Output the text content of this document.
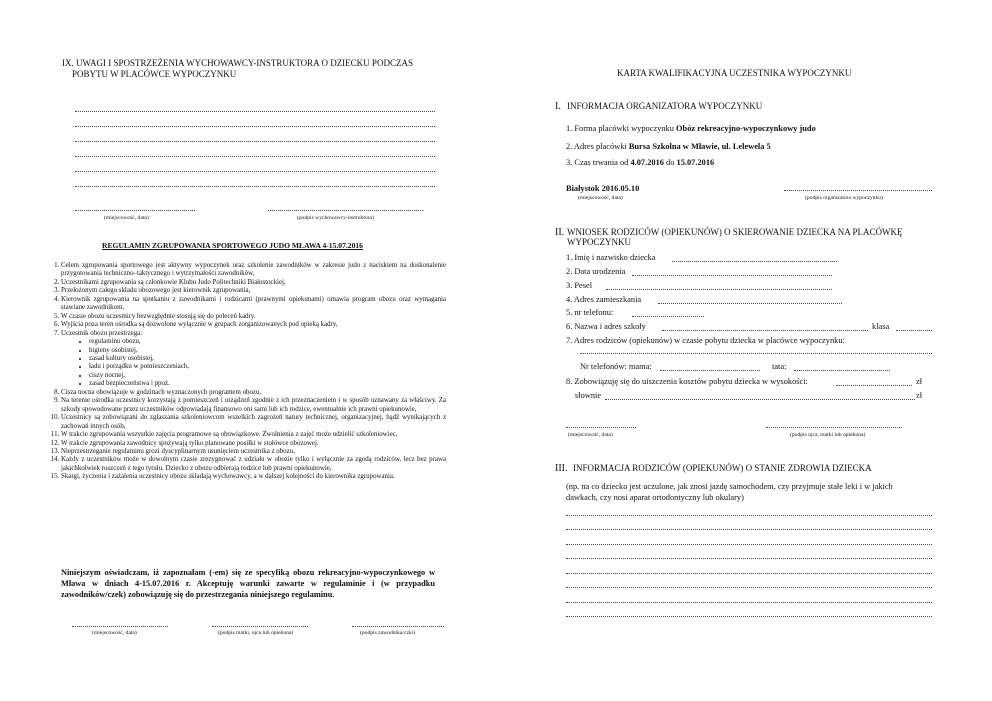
IX. UWAGI I SPOSTRZEŻENIA WYCHOWAWCY-INSTRUKTORA O DZIECKU PODCZAS
POBYTU W PLACÓWCE WYPOCZYNKU
(miejscowość, data)	(podpis wychowawcy-instruktora)
REGULAMIN ZGRUPOWANIA SPORTOWEGO JUDO MŁAWA 4-15.07.2016
1. Celem zgrupowania sportowego jest aktywny wypoczynek oraz szkolenie zawodników w zakresie judo z naciskiem na doskonalenie przygotowania techniczno–taktycznego i wytrzymałości zawodników,
2. Uczestnikami zgrupowania są członkowie Klubu Judo Politechniki Białostockiej,
3. Przełożonym całego składu obozowego jest kierownik zgrupowania,
4. Kierownik zgrupowania na spotkaniu z zawodnikami i rodzicami (prawnymi opiekunami) omawia program obozu oraz wymagania stawiane zawodnikom,
5. W czasie obozu uczestnicy bezwzględnie stosują się do poleceń kadry.
6. Wyjścia poza teren ośrodka są dozwolone wyłącznie w grupach zorganizowanych pod opieką kadry,
7. Uczestnik obozu przestrzega:
• regulaminu obozu,
• higieny osobistej,
• zasad kultury osobistej,
• ładu i porządku w pomieszczeniach,
• ciszy nocnej,
• zasad bezpieczeństwa i ppoż.
8. Cisza nocna obowiązuje w godzinach wyznaczonych programem obozu,
9. Na terenie ośrodka uczestnicy korzystają z pomieszczeń i urządzeń zgodnie z ich przeznaczeniem i w sposób uznawany za właściwy. Za szkody spowodowane przez uczestników odpowiadają finansowo oni sami lub ich rodzice, ewentualnie ich prawni opiekunowie,
10. Uczestnicy są zobowiązani do zgłaszania szkoleniowcom wszelkich zagrożeń natury technicznej, organizacyjnej, bądź wynikających z zachowań innych osób,
11. W trakcie zgrupowania wszystkie zajęcia programowe są obowiązkowe. Zwolnienia z zajęć może udzielić szkoleniowiec,
12. W trakcie zgrupowania zawodnicy spożywają tylko planowane posiłki w stołówce obozowej.
13. Nieprzestrzeganie regulaminu grozi dyscyplinarnym usunięciem uczestnika z obozu,
14. Każdy z uczestników może w dowolnym czasie zrezygnować z udziału w obozie tylko i wyłącznie za zgodą rodziców, lecz bez prawa jakichkolwiek roszczeń z tego tytułu. Dziecko z obozu odbierają rodzice lub prawni opiekunowie,
15. Skargi, życzenia i zażalenia uczestnicy obozu składają wychowawcy, a w dalszej kolejności do kierownika zgrupowania.
Niniejszym oświadczam, iż zapoznałam (-em) się ze specyfiką obozu rekreacyjno-wypoczynkowego w Mława w dniach 4-15.07.2016 r. Akceptuję warunki zawarte w regulaminie i (w przypadku zawodników/czek) zobowiązuję się do przestrzegania niniejszego regulaminu.
(miejscowość, data)	(podpis matki, ojca lub opiekuna)	(podpis zawodnika/czki)
KARTA KWALIFIKACYJNA UCZESTNIKA WYPOCZYNKU
I. INFORMACJA ORGANIZATORA WYPOCZYNKU
1. Forma placówki wypoczynku Obóz rekreacyjno-wypoczynkowy judo
2. Adres placówki Bursa Szkolna w Mławie, ul. Lelewela 5
3. Czas trwania od 4.07.2016 do 15.07.2016
Białystok 2016.05.10
(miejscowość, data)	(podpis organizatora wypoczynku)
II. WNIOSEK RODZICÓW (OPIEKUNÓW) O SKIEROWANIE DZIECKA NA PLACÓWKĘ
WYPOCZYNKU
1. Imię i nazwisko dziecka
2. Data urodzenia
3. Pesel
4. Adres zamieszkania
5. nr telefonu:
6. Nazwa i adres szkoły	klasa
7. Adres rodziców (opiekunów) w czasie pobytu dziecka w placówce wypoczynku:
Nr telefonów: mama:	tata:
8. Zobowiązuję się do uiszczenia kosztów pobytu dziecka w wysokości:	zł
słownie	zł
(miejscowość, data)	(podpis ojca, matki lub opiekuna)
III. INFORMACJA RODZICÓW (OPIEKUNÓW) O STANIE ZDROWIA DZIECKA
(np. na co dziecko jest uczulone, jak znosi jazdę samochodem, czy przyjmuje stałe leki i w jakich
dawkach, czy nosi aparat ortodontyczny lub okulary)
